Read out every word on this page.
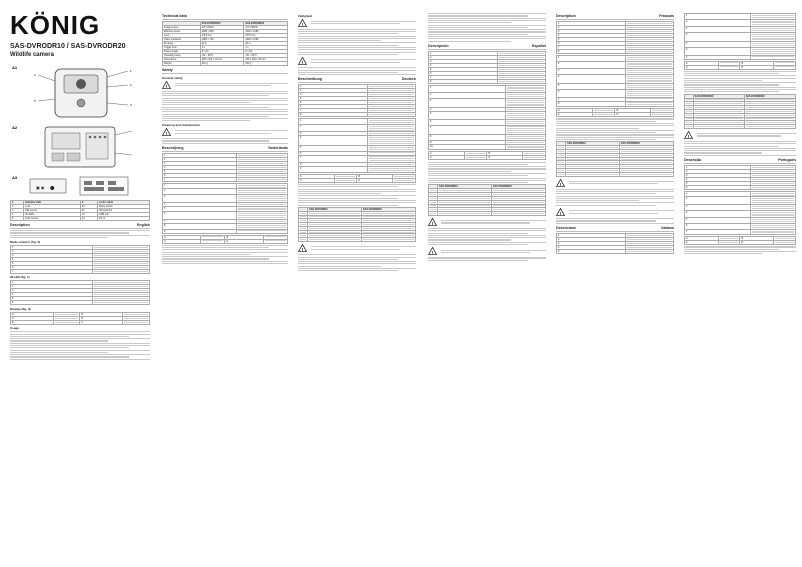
KÖNIG
SAS-DVRODR10 / SAS-DVRODR20
Wildlife camera
A1
1
2
3
4
5
A2
A3
▣ ◉ ⬤
1	Indicator LED	9	Lock / Latch
2	Lens	10	Mode switch
3	PIR sensor	11	SD card slot
4	IR LEDs	12	USB port
5	Light sensor	13	DC in
Description	English
Mode selector (fig. 2)
1	

2	

3	

4	

5	

6	

7	
IR LED (fig. 1)
1	

2	

3	

4	

5	

6	
Display (fig. 3)
A		B	

C		D	

E		F	
Usage
Technical data
	SAS-DVRODR10	SAS-DVRODR20
Image sensor	1/3" CMOS	1/3" CMOS
Effective pixels	1280 x 960	1920 x 1080
Lens	f=8.5 mm	f=8.5 mm
Video resolution	1280 x 720	1920 x 1080
IR range	20 m	20 m
Trigger time	1 s	1 s
Power supply	8 x AA	8 x AA
Operating temp.	-20 ~ 60°C	-20 ~ 60°C
Dimensions	135 x 102 x 70 mm	135 x 102 x 70 mm
Weight	310 g	310 g
Safety
General safety
!
Cleaning and maintenance
!
Beschrijving	Nederlands
1	

2	

3	

4	

5	

6	

7	
1	

2	

3	

4	

5	

6	

7	

8	

9	
A		B	

C		D	
Veiligheid
!
!
Beschreibung	Deutsch
1	

2	

3	

4	

5	

6	

7	

8	
1	

2	

3	

4	

5	

6	

7	

8	

9	
A		B	

C		D	
	SAS-DVRODR10	SAS-DVRODR20

!
Descripción	Español
1	

2	

3	

4	

5	

6	

7	

8	
1	

2	

3	

4	

5	

6	

7	

8	

9	

10	
A		B	

C		D	
	SAS-DVRODR10	SAS-DVRODR20

!
!
Description	Français
1	

2	

3	

4	

5	

6	

7	

8	
1	

2	

3	

4	

5	

6	

7	

8	
A		B	

C		D	
	SAS-DVRODR10	SAS-DVRODR20

!
!
Descrizione	Italiano
1	

2	

3	

4	

5	
1	

2	

3	

4	

5	

6	

7	
A		B	

C		D	
	SAS-DVRODR10	SAS-DVRODR20

!
Descrição	Português
1	

2	

3	

4	

5	

6	
1	

2	

3	

4	

5	

6	

7	
A		B	

C		D	
